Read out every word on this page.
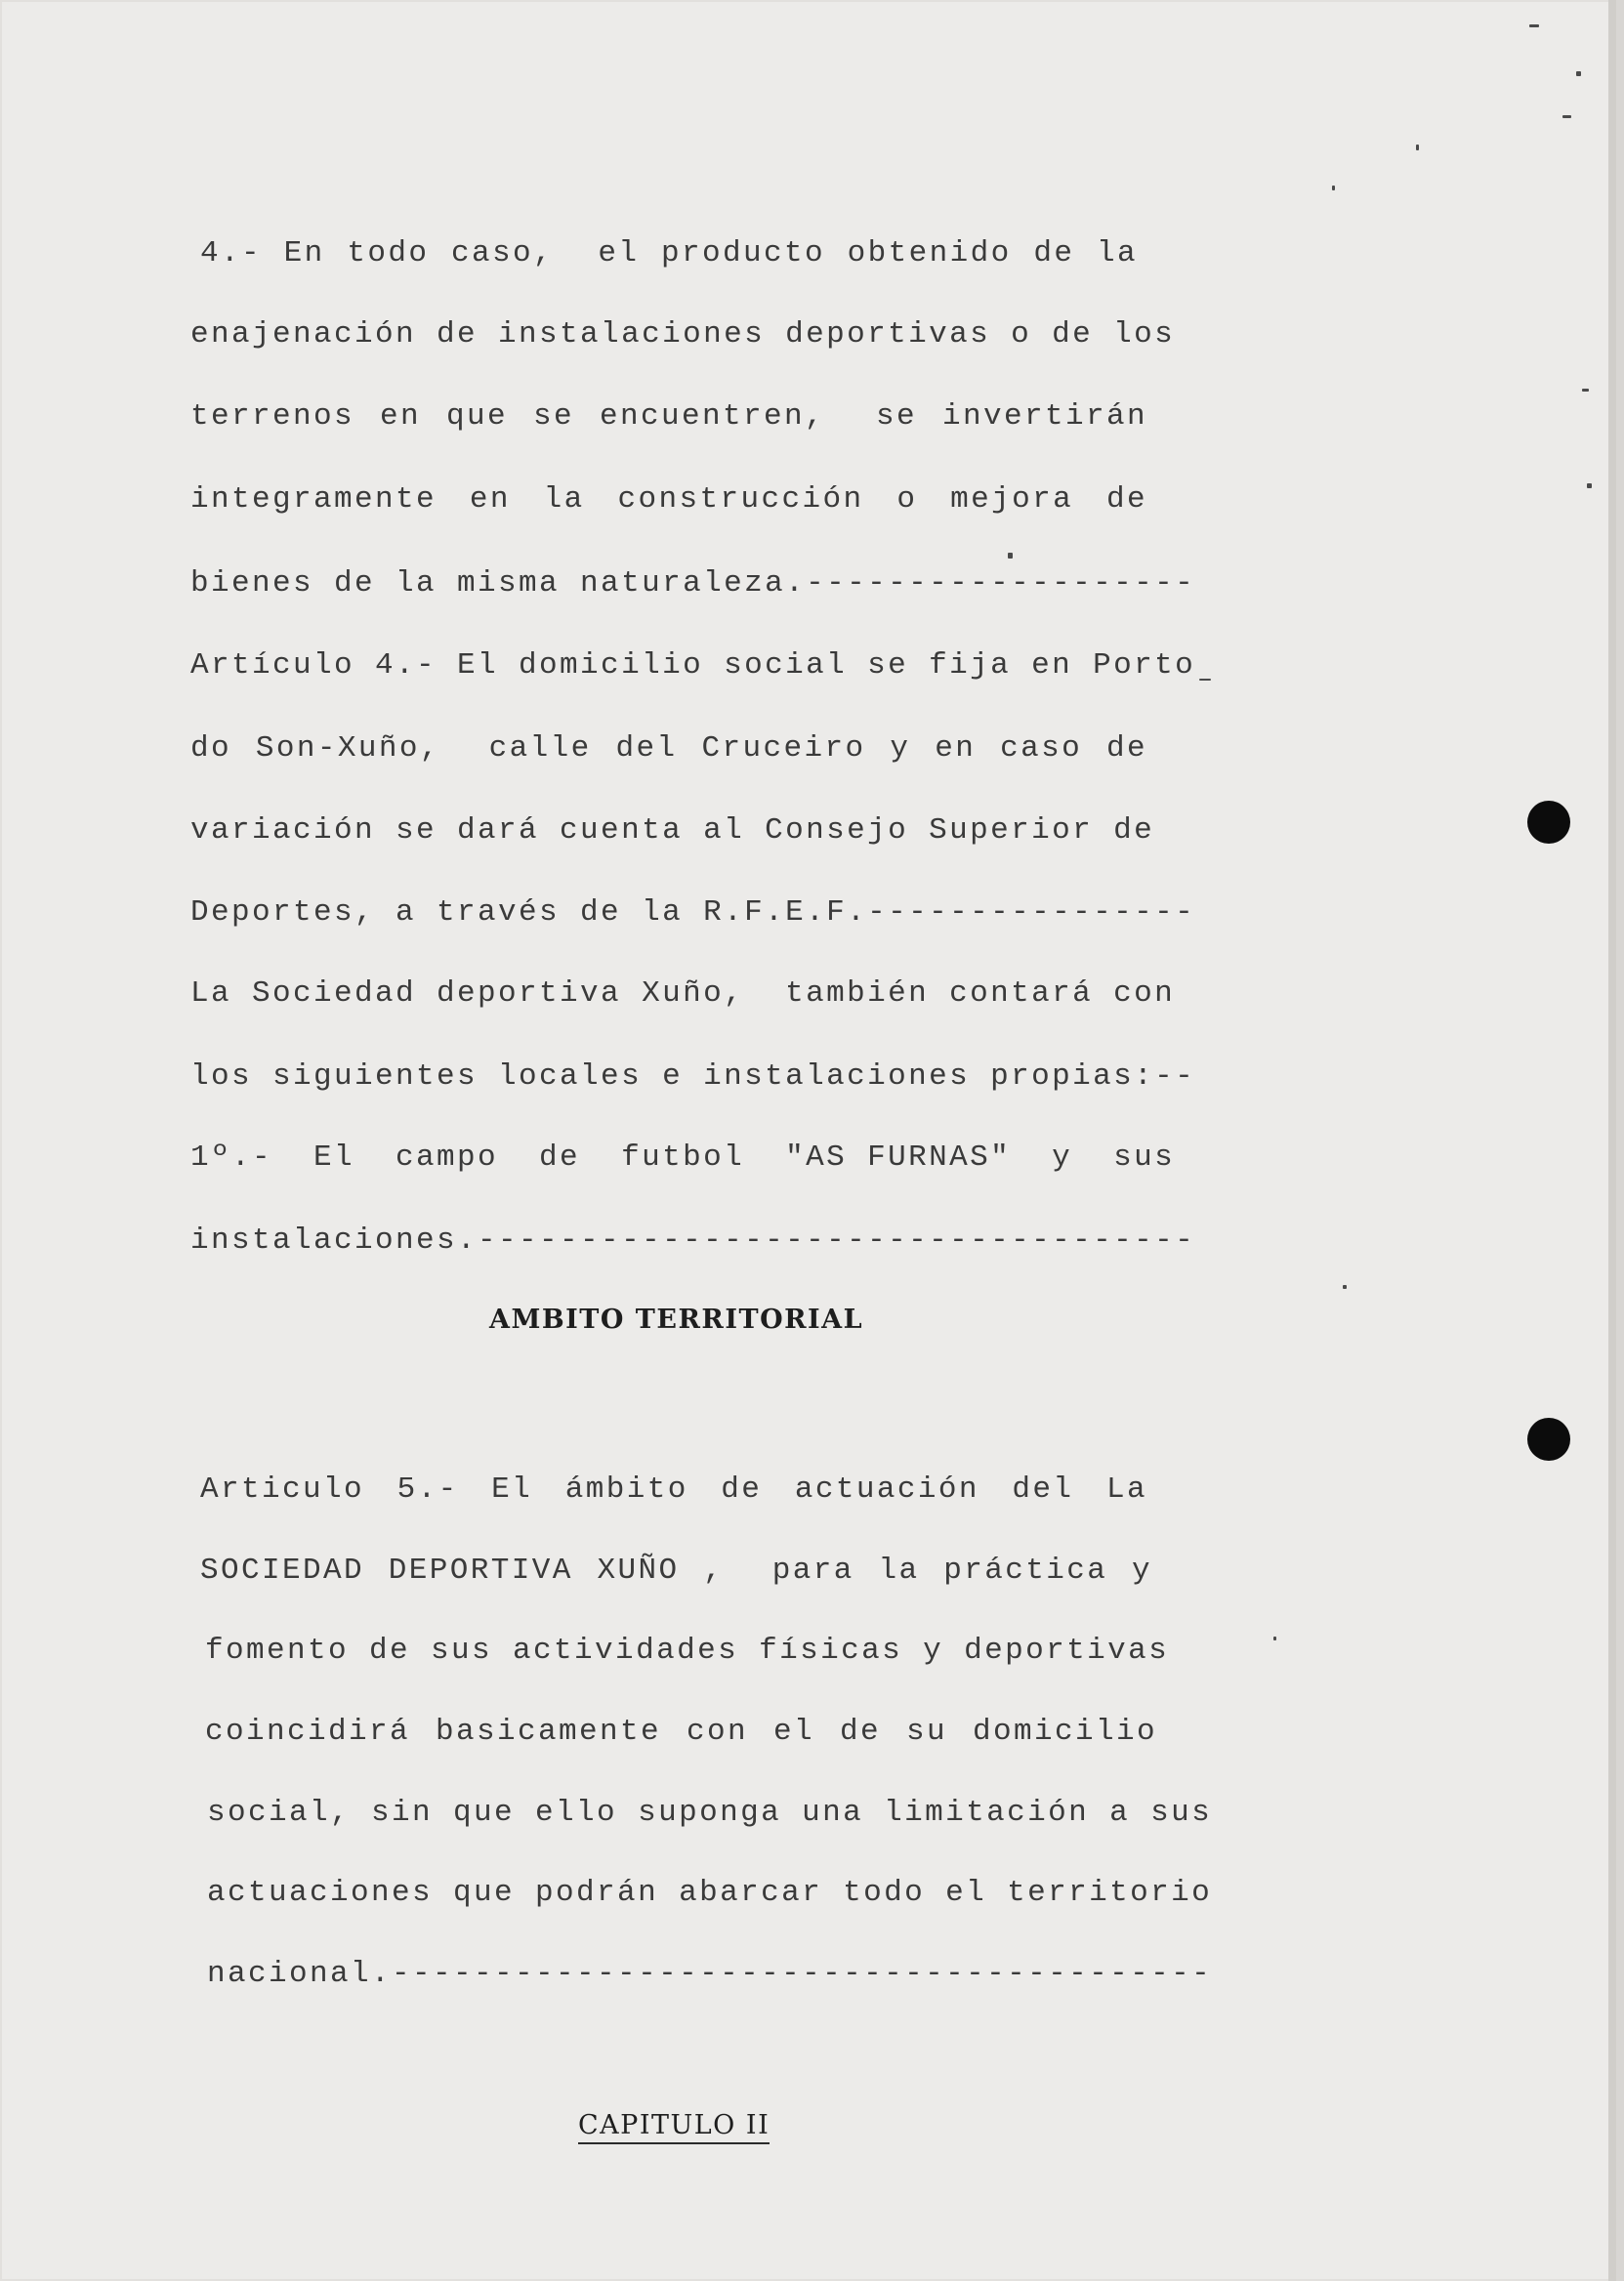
4.- En todo caso,  el producto obtenido de la
enajenación de instalaciones deportivas o de los
terrenos en que se encuentren,  se invertirán
integramente en la construcción o mejora de
bienes de la misma naturaleza.-------------------
Artículo 4.- El domicilio social se fija en Porto
do Son-Xuño,  calle del Cruceiro y en caso de
variación se dará cuenta al Consejo Superior de
Deportes, a través de la R.F.E.F.----------------
La Sociedad deportiva Xuño,  también contará con
los siguientes locales e instalaciones propias:--
1º.-  El  campo  de  futbol  "AS FURNAS"  y  sus
instalaciones.-----------------------------------
AMBITO TERRITORIAL
Articulo 5.- El ámbito de actuación del La
SOCIEDAD DEPORTIVA XUÑO ,  para la práctica y
fomento de sus actividades físicas y deportivas
coincidirá basicamente con el de su domicilio
social, sin que ello suponga una limitación a sus
actuaciones que podrán abarcar todo el territorio
nacional.----------------------------------------
CAPITULO II
